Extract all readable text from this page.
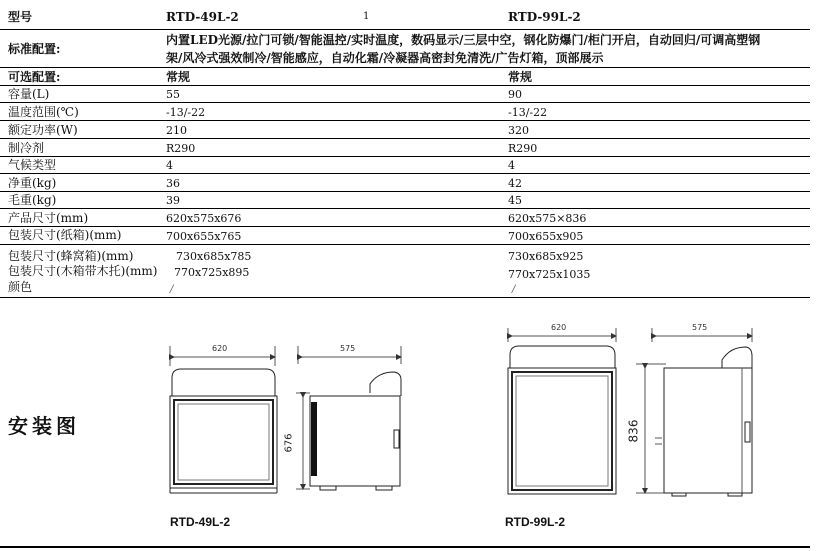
型号	RTD-49L-2	1	RTD-99L-2
标准配置:
内置LED光源/拉门可锁/智能温控/实时温度，数码显示/三层中空，钢化防爆门/柜门开启，自动回归/可调高塑钢
架/风冷式强效制冷/智能感应，自动化霜/冷凝器高密封免清洗/广告灯箱，顶部展示
可选配置:	常规	常规
容量(L)	55	90
温度范围(℃)	-13/-22	-13/-22
额定功率(W)	210	320
制冷剂	R290	R290
气候类型	4	4
净重(kg)	36	42
毛重(kg)	39	45
产品尺寸(mm)	620x575x676	620x575×836
包装尺寸(纸箱)(mm)	700x655x765	700x655x905
包装尺寸(蜂窝箱)(mm)	730x685x785	730x685x925
包装尺寸(木箱带木托)(mm) 770x725x895	770x725x1035
颜色	/	/
安装图
620	575
676
620	575
836
RTD-49L-2	RTD-99L-2
